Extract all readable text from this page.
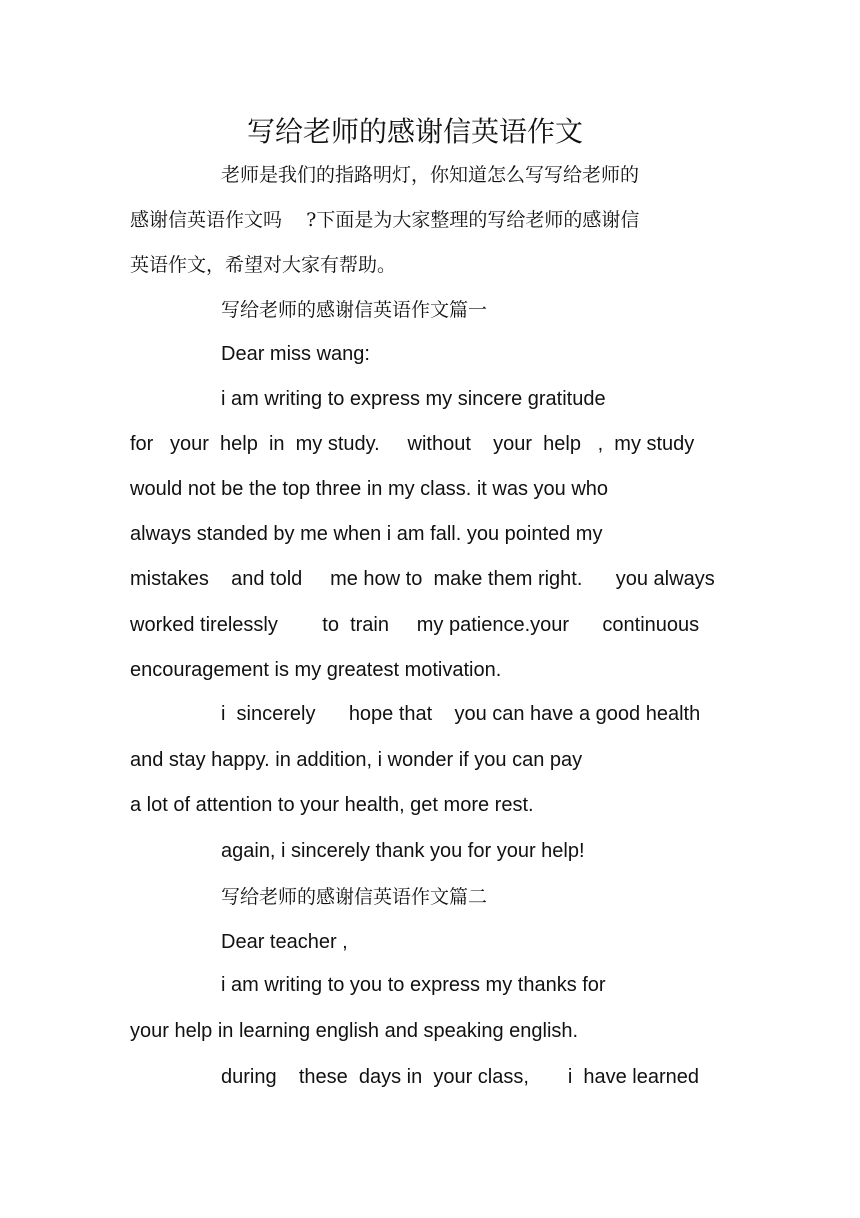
写给老师的感谢信英语作文
老师是我们的指路明灯，你知道怎么写写给老师的
感谢信英语作文吗    ?下面是为大家整理的写给老师的感谢信
英语作文，希望对大家有帮助。
写给老师的感谢信英语作文篇一
Dear miss wang:
i am writing to express my sincere gratitude
for   your  help  in  my study.     without    your  help   ,  my study
would not be the top three in my class. it was you who
always standed by me when i am fall. you pointed my
mistakes    and told     me how to  make them right.      you always
worked tirelessly        to  train     my patience.your      continuous
encouragement is my greatest motivation.
i  sincerely      hope that    you can have a good health
and stay happy. in addition, i wonder if you can pay
a lot of attention to your health, get more rest.
again, i sincerely thank you for your help!
写给老师的感谢信英语作文篇二
Dear teacher ,
i am writing to you to express my thanks for
your help in learning english and speaking english.
during    these  days in  your class,       i  have learned
